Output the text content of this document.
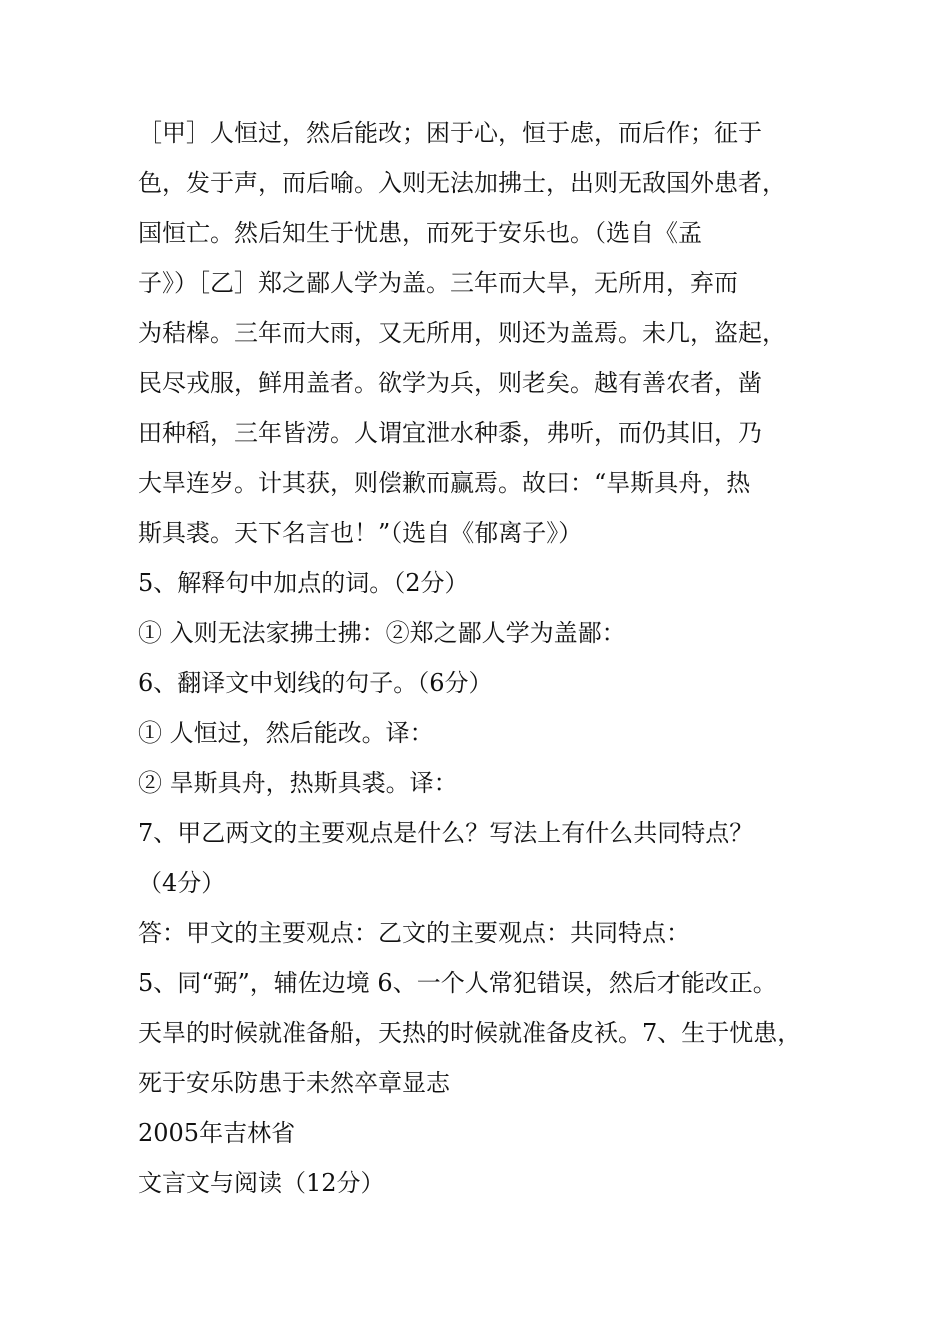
［甲］人恒过，然后能改；困于心，恒于虑，而后作；征于
色，发于声，而后喻。入则无法加拂士，出则无敌国外患者，
国恒亡。然后知生于忧患，而死于安乐也。（选自《孟
子》）［乙］郑之鄙人学为盖。三年而大旱，无所用，弃而
为秸槔。三年而大雨，又无所用，则还为盖焉。未几，盗起，
民尽戎服，鲜用盖者。欲学为兵，则老矣。越有善农者，凿
田种稻，三年皆涝。人谓宜泄水种黍，弗听，而仍其旧，乃
大旱连岁。计其获，则偿歉而赢焉。故曰：“旱斯具舟，热
斯具裘。天下名言也！”（选自《郁离子》）
5、解释句中加点的词。（2分）
① 入则无法家拂士拂：②郑之鄙人学为盖鄙：
6、翻译文中划线的句子。（6分）
① 人恒过，然后能改。译：
② 旱斯具舟，热斯具裘。译：
7、甲乙两文的主要观点是什么？写法上有什么共同特点？
（4分）
答：甲文的主要观点：乙文的主要观点：共同特点：
5、同“弼”，辅佐边境 6、一个人常犯错误，然后才能改正。
天旱的时候就准备船，天热的时候就准备皮袄。7、生于忧患，
死于安乐防患于未然卒章显志
2005年吉林省
文言文与阅读（12分）
